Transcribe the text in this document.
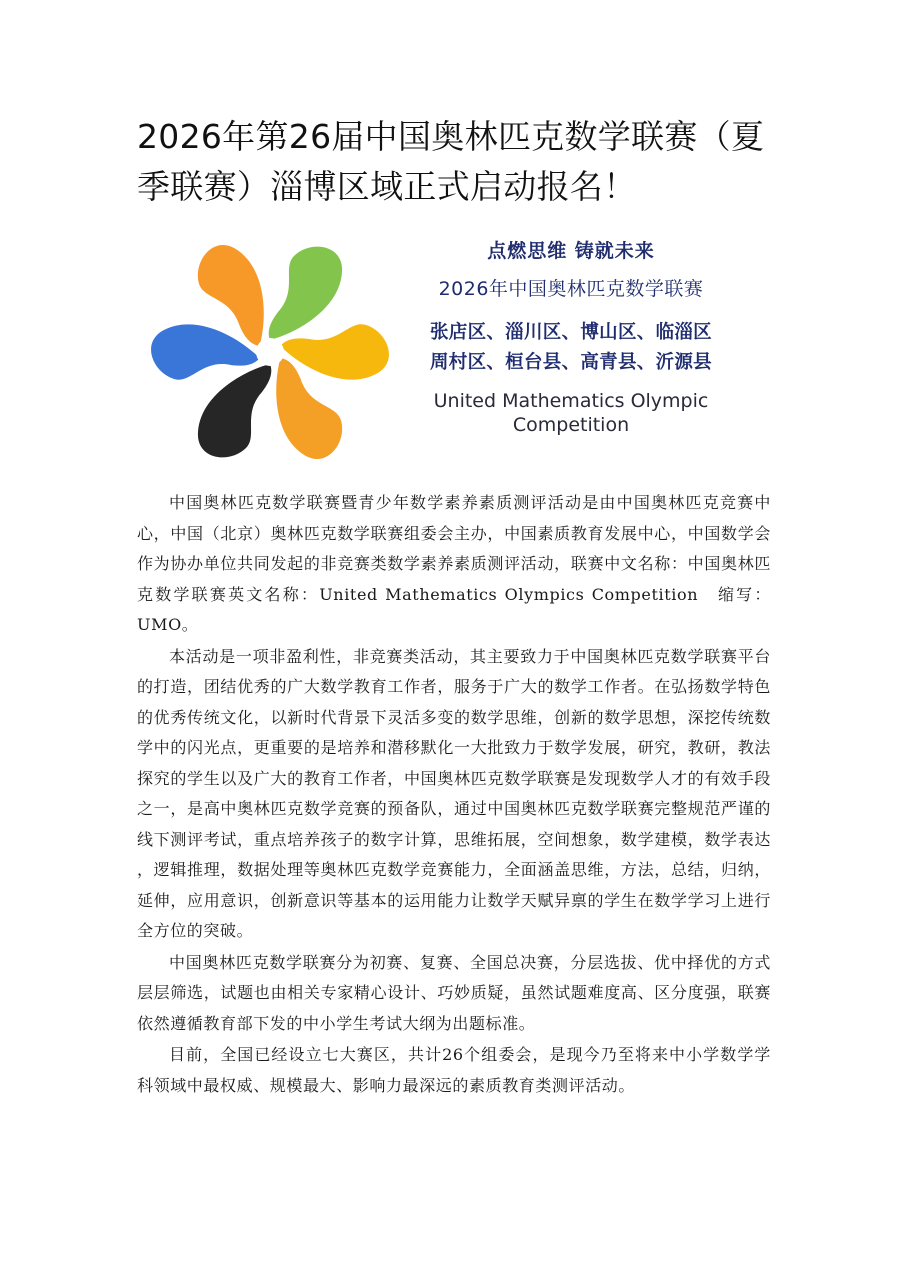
2026年第26届中国奥林匹克数学联赛（夏季联赛）淄博区域正式启动报名！
点燃思维 铸就未来
2026年中国奥林匹克数学联赛
张店区、淄川区、博山区、临淄区
周村区、桓台县、高青县、沂源县
United Mathematics Olympic
Competition

中国奥林匹克数学联赛暨青少年数学素养素质测评活动是由中国奥林匹克竞赛中心，中国（北京）奥林匹克数学联赛组委会主办，中国素质教育发展中心，中国数学会作为协办单位共同发起的非竞赛类数学素养素质测评活动，联赛中文名称：中国奥林匹克数学联赛英文名称：United Mathematics Olympics Competition　缩写：UMO。

本活动是一项非盈利性，非竞赛类活动，其主要致力于中国奥林匹克数学联赛平台的打造，团结优秀的广大数学教育工作者，服务于广大的数学工作者。在弘扬数学特色的优秀传统文化，以新时代背景下灵活多变的数学思维，创新的数学思想，深挖传统数学中的闪光点，更重要的是培养和潜移默化一大批致力于数学发展，研究，教研，教法探究的学生以及广大的教育工作者，中国奥林匹克数学联赛是发现数学人才的有效手段之一，是高中奥林匹克数学竞赛的预备队，通过中国奥林匹克数学联赛完整规范严谨的线下测评考试，重点培养孩子的数字计算，思维拓展，空间想象，数学建模，数学表达 ，逻辑推理，数据处理等奥林匹克数学竞赛能力，全面涵盖思维，方法，总结，归纳，延伸，应用意识，创新意识等基本的运用能力让数学天赋异禀的学生在数学学习上进行全方位的突破。

中国奥林匹克数学联赛分为初赛、复赛、全国总决赛，分层选拔、优中择优的方式层层筛选，试题也由相关专家精心设计、巧妙质疑，虽然试题难度高、区分度强，联赛依然遵循教育部下发的中小学生考试大纲为出题标准。

目前，全国已经设立七大赛区，共计26个组委会，是现今乃至将来中小学数学学科领域中最权威、规模最大、影响力最深远的素质教育类测评活动。
